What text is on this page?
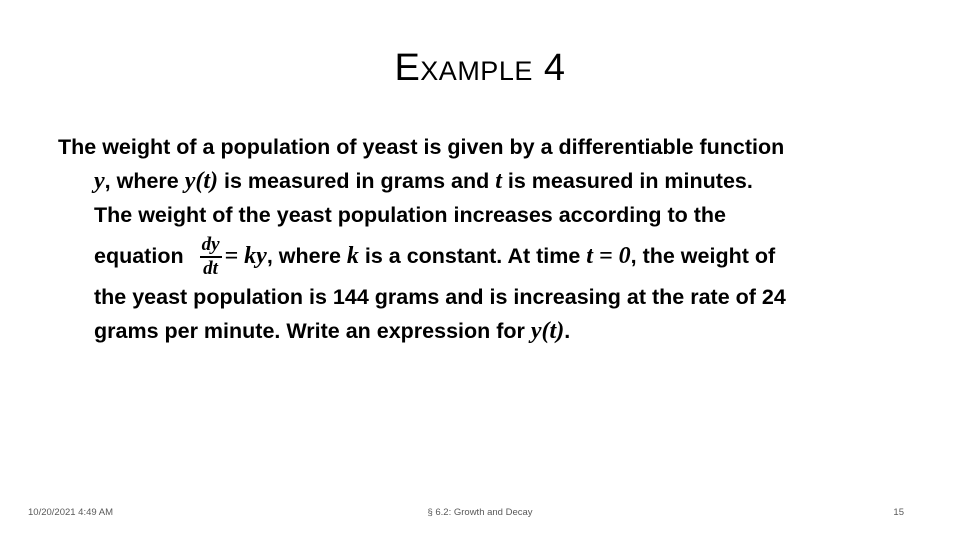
Example 4
The weight of a population of yeast is given by a differentiable function
y, where y(t) is measured in grams and t is measured in minutes.
The weight of the yeast population increases according to the
equation $\frac{dy}{dt}$ = ky, where k is a constant. At time t = 0, the weight of
the yeast population is 144 grams and is increasing at the rate of 24
grams per minute. Write an expression for y(t).
10/20/2021 4:49 AM	§ 6.2: Growth and Decay	15
